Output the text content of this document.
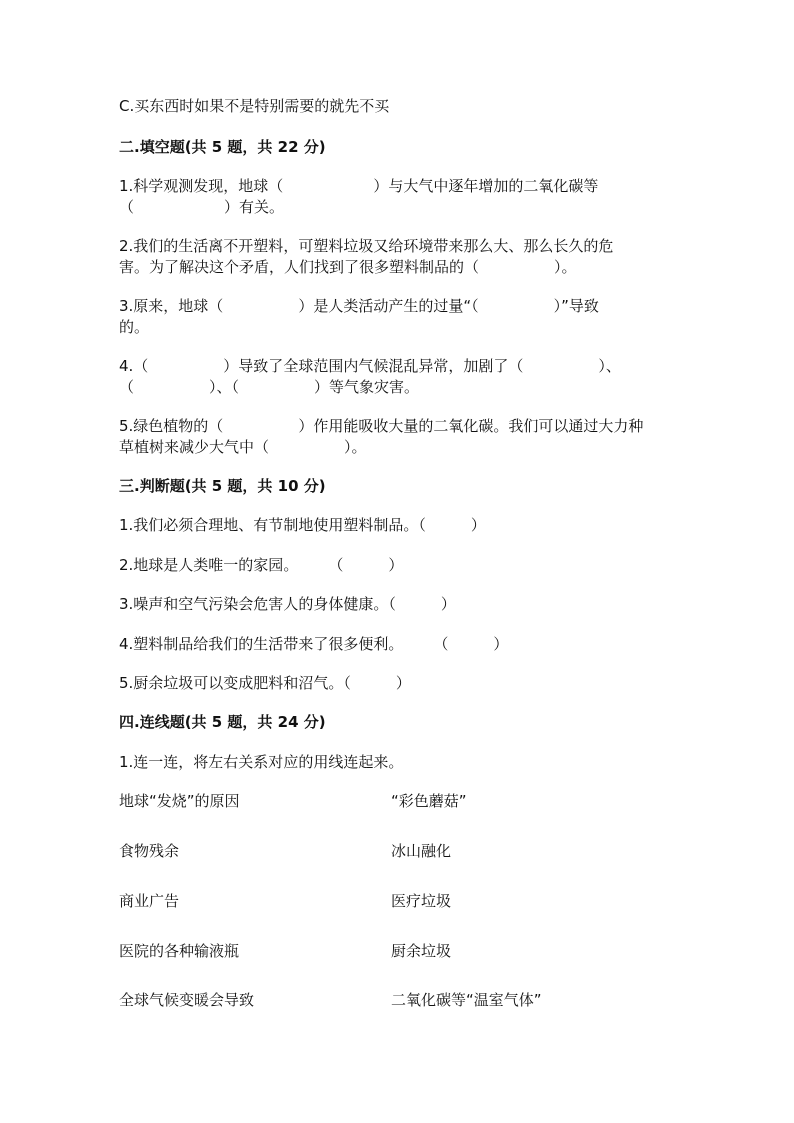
C.买东西时如果不是特别需要的就先不买
二.填空题(共 5 题，共 22 分)
1.科学观测发现，地球（　　　　　　）与大气中逐年增加的二氧化碳等
（　　　　　　）有关。
2.我们的生活离不开塑料，可塑料垃圾又给环境带来那么大、那么长久的危
害。为了解决这个矛盾，人们找到了很多塑料制品的（　　　　　）。
3.原来，地球（　　　　　）是人类活动产生的过量“（　　　　　）”导致
的。
4.（　　　　　）导致了全球范围内气候混乱异常，加剧了（　　　　　）、
（　　　　　）、（　　　　　）等气象灾害。
5.绿色植物的（　　　　　）作用能吸收大量的二氧化碳。我们可以通过大力种
草植树来减少大气中（　　　　　）。
三.判断题(共 5 题，共 10 分)
1.我们必须合理地、有节制地使用塑料制品。（　　　）
2.地球是人类唯一的家园。　　　（　　　）
3.噪声和空气污染会危害人的身体健康。（　　　）
4.塑料制品给我们的生活带来了很多便利。　　　（　　　）
5.厨余垃圾可以变成肥料和沼气。（　　　）
四.连线题(共 5 题，共 24 分)
1.连一连，将左右关系对应的用线连起来。
地球“发烧”的原因	“彩色蘑菇”
食物残余	冰山融化
商业广告	医疗垃圾
医院的各种输液瓶	厨余垃圾
全球气候变暖会导致	二氧化碳等“温室气体”
